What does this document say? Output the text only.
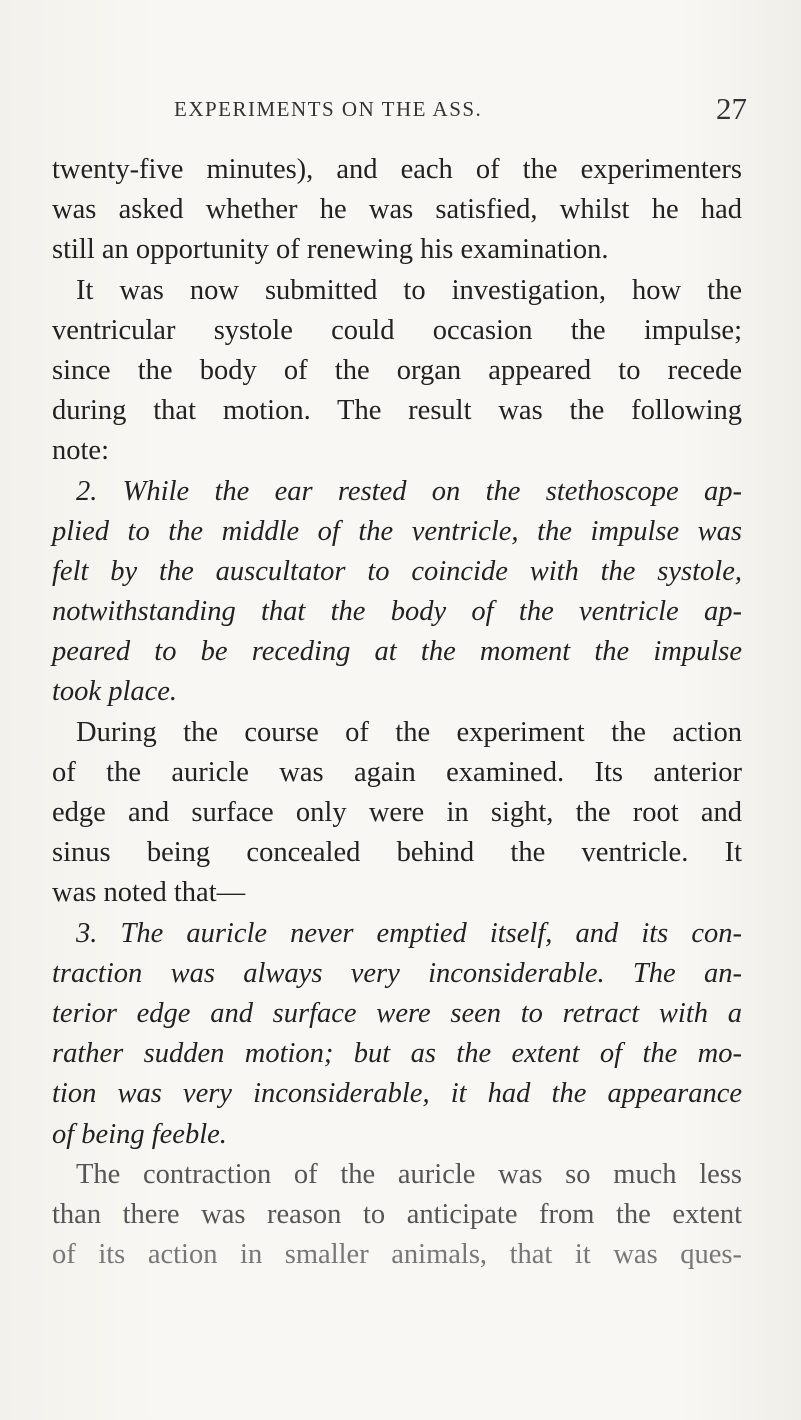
EXPERIMENTS ON THE ASS.	27
twenty-five minutes), and each of the experimenters
was asked whether he was satisfied, whilst he had
still an opportunity of renewing his examination.
It was now submitted to investigation, how the
ventricular systole could occasion the impulse;
since the body of the organ appeared to recede
during that motion. The result was the following
note:
2. While the ear rested on the stethoscope ap-
plied to the middle of the ventricle, the impulse was
felt by the auscultator to coincide with the systole,
notwithstanding that the body of the ventricle ap-
peared to be receding at the moment the impulse
took place.
During the course of the experiment the action
of the auricle was again examined. Its anterior
edge and surface only were in sight, the root and
sinus being concealed behind the ventricle. It
was noted that—
3. The auricle never emptied itself, and its con-
traction was always very inconsiderable. The an-
terior edge and surface were seen to retract with a
rather sudden motion; but as the extent of the mo-
tion was very inconsiderable, it had the appearance
of being feeble.
The contraction of the auricle was so much less
than there was reason to anticipate from the extent
of its action in smaller animals, that it was ques-
